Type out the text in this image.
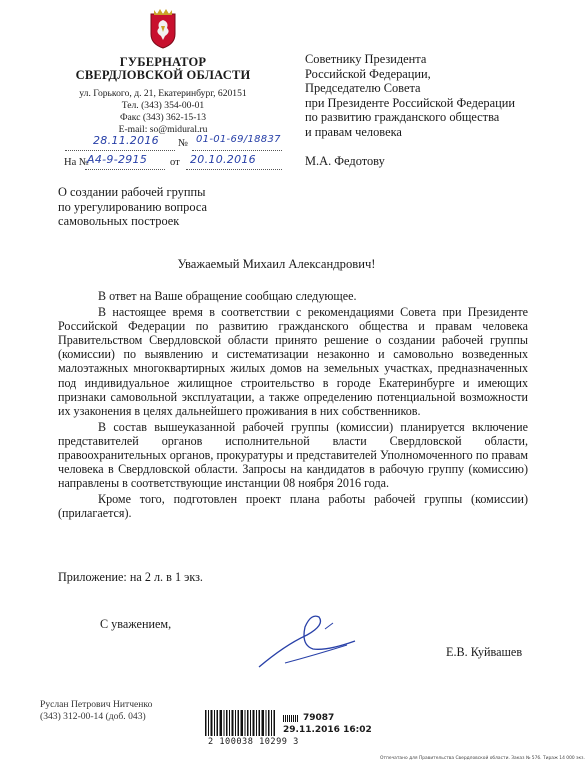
ГУБЕРНАТОР
СВЕРДЛОВСКОЙ ОБЛАСТИ
ул. Горького, д. 21, Екатеринбург, 620151
Тел. (343) 354-00-01
Факс (343) 362-15-13
E-mail: so@midural.ru
28.11.2016 № 01-01-69/18837
На №
А4-9-2915 от 20.10.2016
Советнику Президента
Российской Федерации,
Председателю Совета
при Президенте Российской Федерации
по развитию гражданского общества
и правам человека
М.А. Федотову
О создании рабочей группы
по урегулированию вопроса
самовольных построек
Уважаемый Михаил Александрович!

В ответ на Ваше обращение сообщаю следующее.

В настоящее время в соответствии с рекомендациями Совета при Президенте Российской Федерации по развитию гражданского общества и правам человека Правительством Свердловской области принято решение о создании рабочей группы (комиссии) по выявлению и систематизации незаконно и самовольно возведенных малоэтажных многоквартирных жилых домов на земельных участках, предназначенных под индивидуальное жилищное строительство в городе Екатеринбурге и имеющих признаки самовольной эксплуатации, а также определению потенциальной возможности их узаконения в целях дальнейшего проживания в них собственников.

В состав вышеуказанной рабочей группы (комиссии) планируется включение представителей органов исполнительной власти Свердловской области, правоохранительных органов, прокуратуры и представителей Уполномоченного по правам человека в Свердловской области. Запросы на кандидатов в рабочую группу (комиссию) направлены в соответствующие инстанции 08 ноября 2016 года.

Кроме того, подготовлен проект плана работы рабочей группы (комиссии) (прилагается).

Приложение: на 2 л. в 1 экз.
С уважением,
Е.В. Куйвашев
Руслан Петрович Нитченко
(343) 312-00-14 (доб. 043)
2 100038 10299 3
79087
29.11.2016 16:02
Отпечатано для Правительства Свердловской области. Заказ № 576. Тираж 14 000 экз.
